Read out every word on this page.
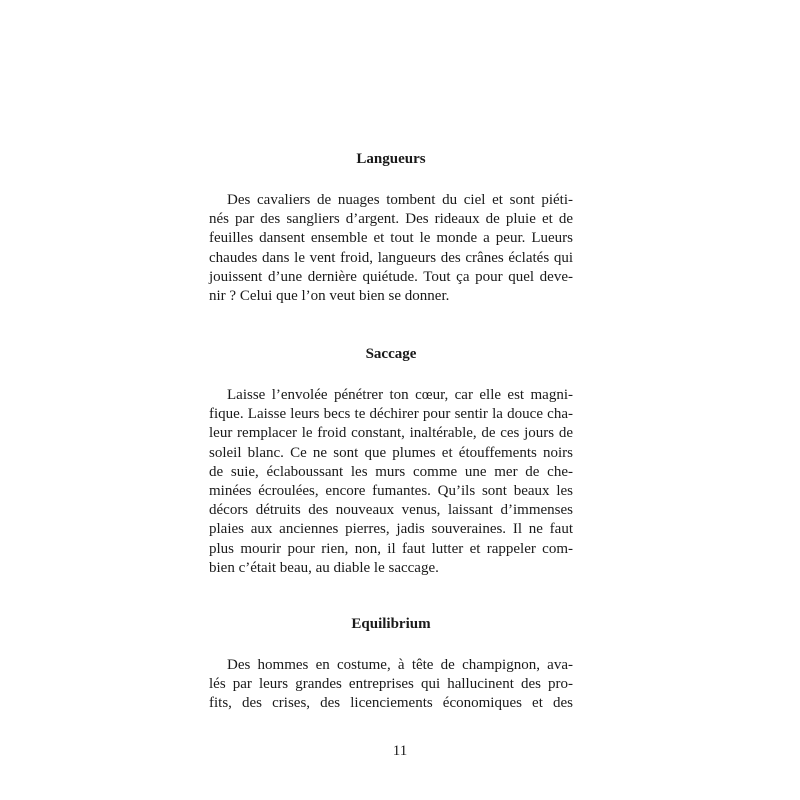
Langueurs
Des cavaliers de nuages tombent du ciel et sont piéti-
nés par des sangliers d’argent. Des rideaux de pluie et de
feuilles dansent ensemble et tout le monde a peur. Lueurs
chaudes dans le vent froid, langueurs des crânes éclatés qui
jouissent d’une dernière quiétude. Tout ça pour quel deve-
nir ? Celui que l’on veut bien se donner.
Saccage
Laisse l’envolée pénétrer ton cœur, car elle est magni-
fique. Laisse leurs becs te déchirer pour sentir la douce cha-
leur remplacer le froid constant, inaltérable, de ces jours de
soleil blanc. Ce ne sont que plumes et étouffements noirs
de suie, éclaboussant les murs comme une mer de che-
minées écroulées, encore fumantes. Qu’ils sont beaux les
décors détruits des nouveaux venus, laissant d’immenses
plaies aux anciennes pierres, jadis souveraines. Il ne faut
plus mourir pour rien, non, il faut lutter et rappeler com-
bien c’était beau, au diable le saccage.
Equilibrium
Des hommes en costume, à tête de champignon, ava-
lés par leurs grandes entreprises qui hallucinent des pro-
fits, des crises, des licenciements économiques et des
11
